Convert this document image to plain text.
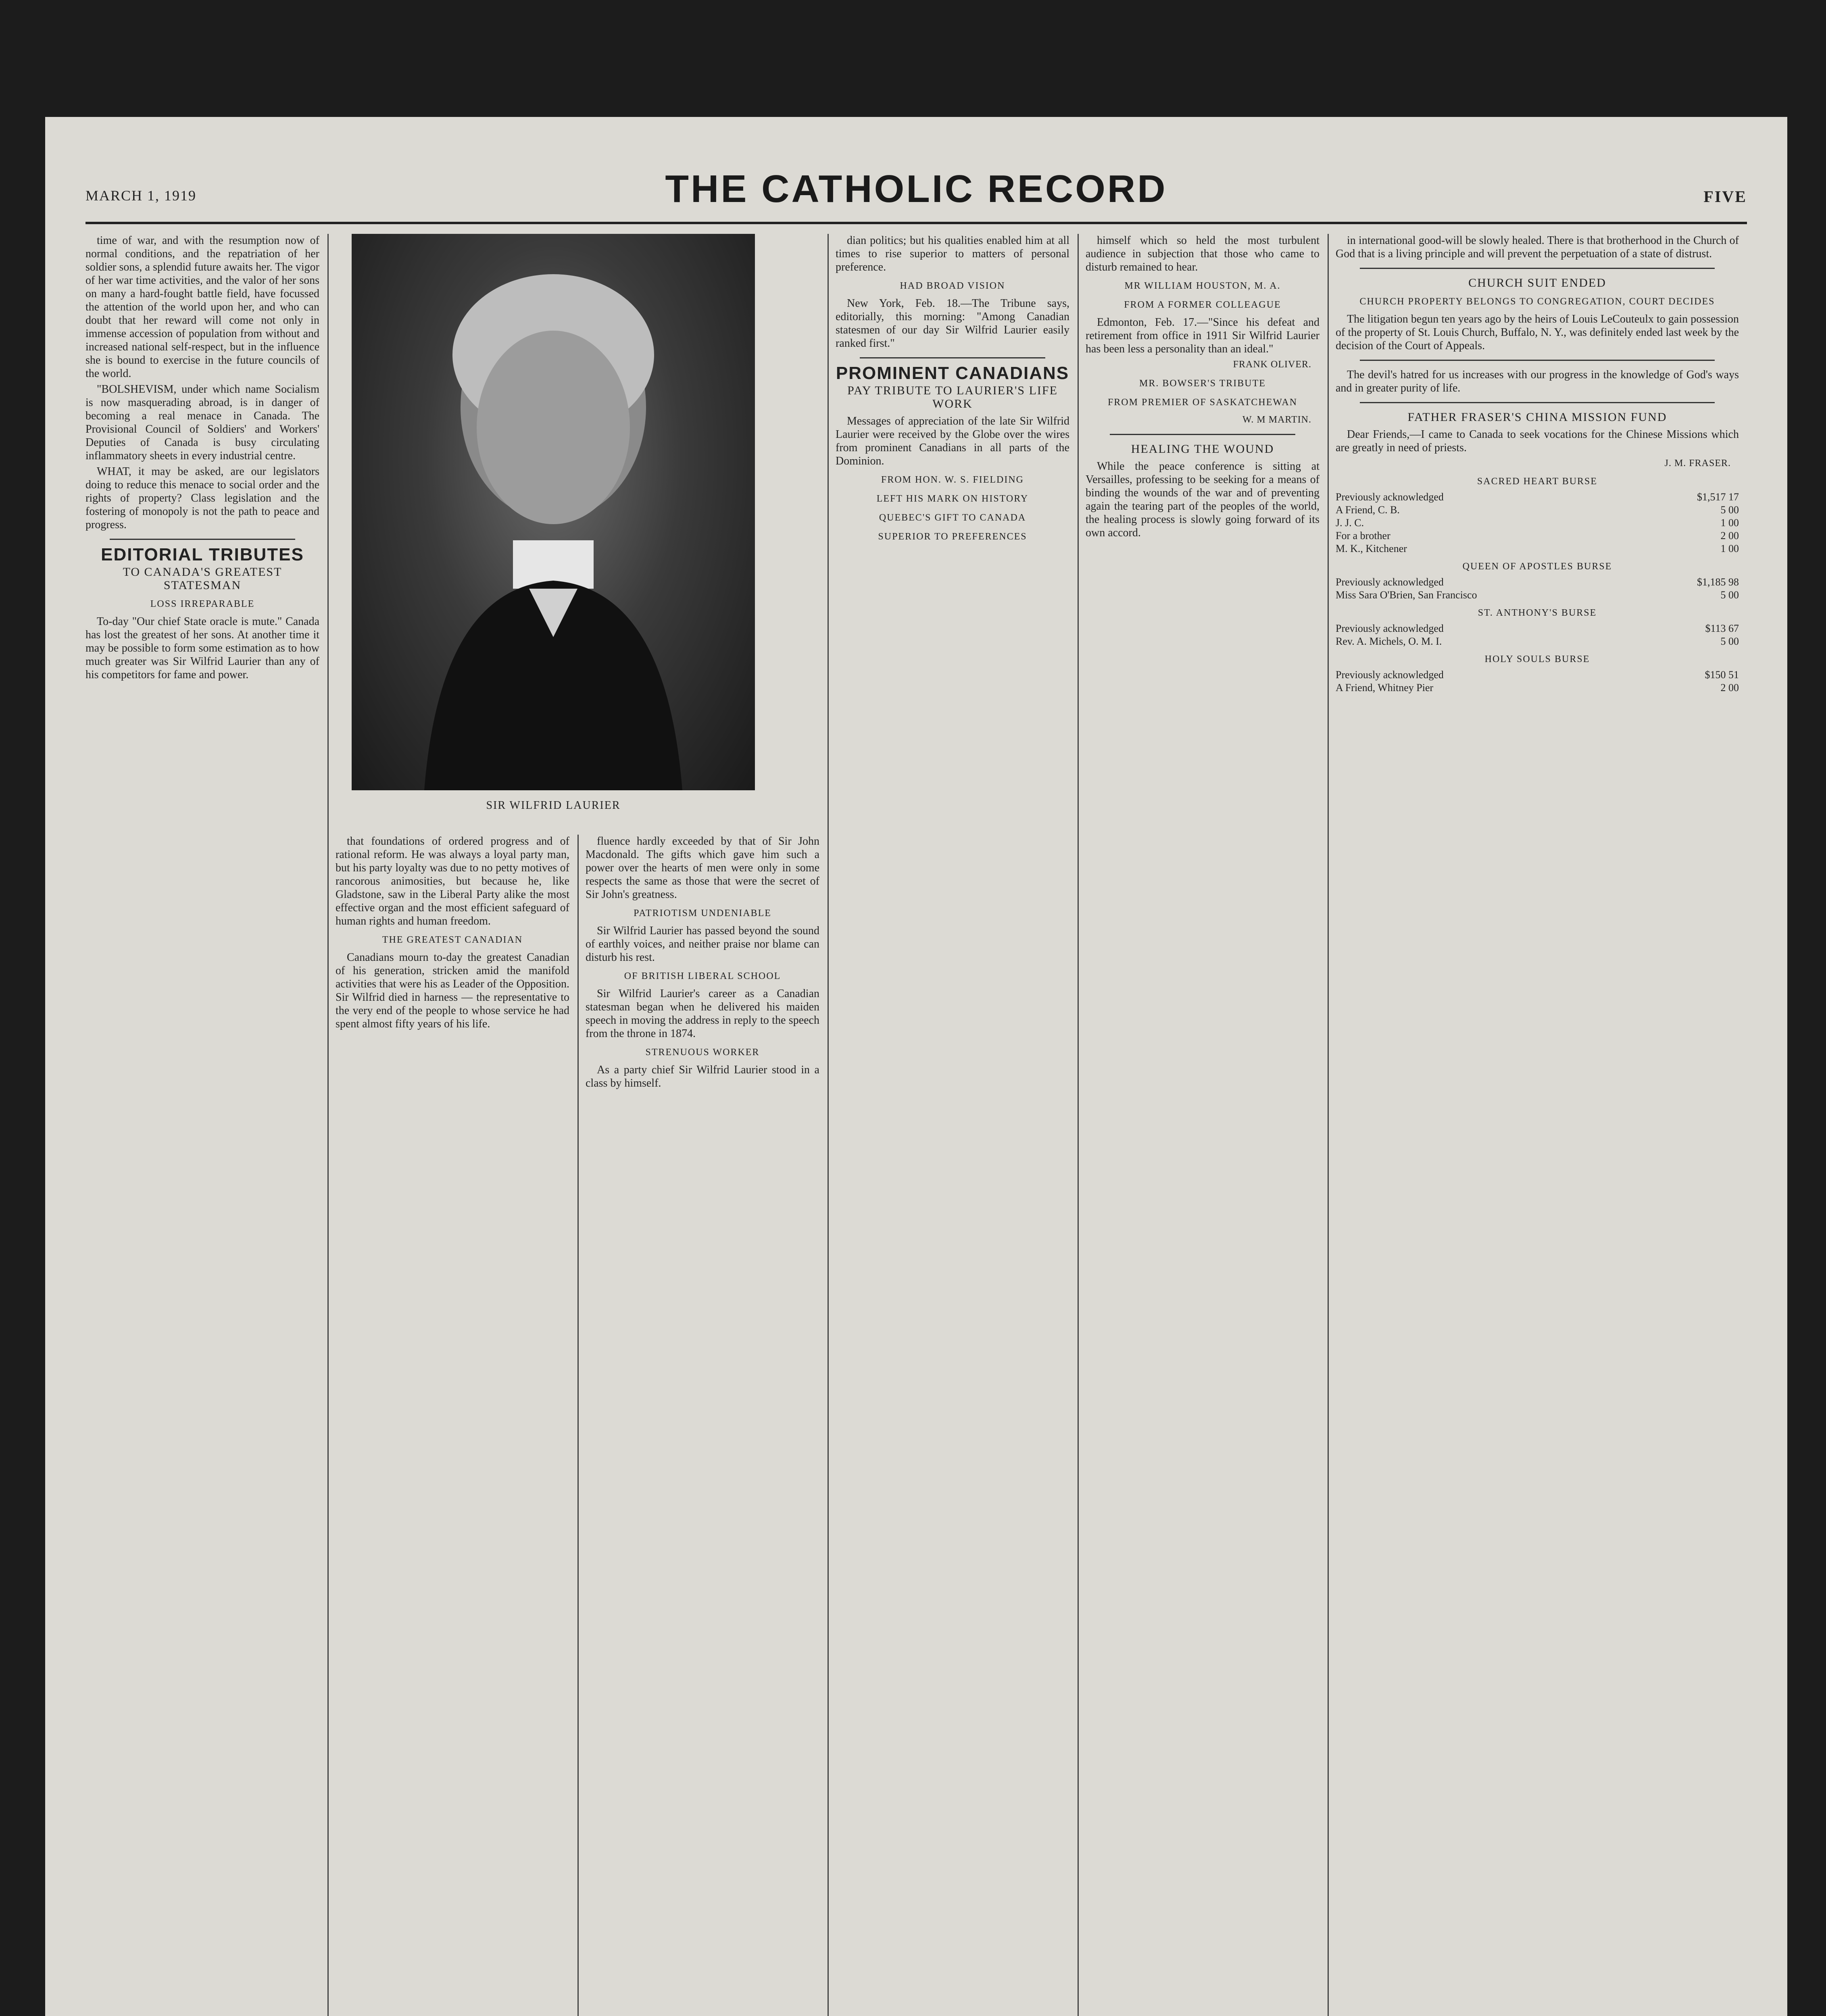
MARCH 1, 1919	THE CATHOLIC RECORD	FIVE

time of war, and with the resumption now of normal conditions, and the repatriation of her soldier sons, a splendid future awaits her. The vigor of her war time activities, and the valor of her sons on many a hard-fought battle field, have focussed the attention of the world upon her, and who can doubt that her reward will come not only in immense accession of population from without and increased national self-respect, but in the influence she is bound to exercise in the future councils of the world.

"BOLSHEVISM, under which name Socialism is now masquerading abroad, is in danger of becoming a real menace in Canada. The Provisional Council of Soldiers' and Workers' Deputies of Canada is busy circulating inflammatory sheets in every industrial centre.

WHAT, it may be asked, are our legislators doing to reduce this menace to social order and the rights of property? Class legislation and the fostering of monopoly is not the path to peace and progress.

EDITORIAL TRIBUTES
TO CANADA'S GREATEST STATESMAN
LOSS IRREPARABLE

To-day "Our chief State oracle is mute." Canada has lost the greatest of her sons. At another time it may be possible to form some estimation as to how much greater was Sir Wilfrid Laurier than any of his competitors for fame and power.

SIR WILFRID LAURIER

that foundations of ordered progress and of rational reform. He was always a loyal party man, but his party loyalty was due to no petty motives of rancorous animosities, but because he, like Gladstone, saw in the Liberal Party alike the most effective organ and the most efficient safeguard of human rights and human freedom.

THE GREATEST CANADIAN

Canadians mourn to-day the greatest Canadian of his generation, stricken amid the manifold activities that were his as Leader of the Opposition. Sir Wilfrid died in harness — the representative to the very end of the people to whose service he had spent almost fifty years of his life.

fluence hardly exceeded by that of Sir John Macdonald. The gifts which gave him such a power over the hearts of men were only in some respects the same as those that were the secret of Sir John's greatness.

PATRIOTISM UNDENIABLE

Sir Wilfrid Laurier has passed beyond the sound of earthly voices, and neither praise nor blame can disturb his rest.

OF BRITISH LIBERAL SCHOOL

Sir Wilfrid Laurier's career as a Canadian statesman began when he delivered his maiden speech in moving the address in reply to the speech from the throne in 1874.

STRENUOUS WORKER

As a party chief Sir Wilfrid Laurier stood in a class by himself.

dian politics; but his qualities enabled him at all times to rise superior to matters of personal preference.

HAD BROAD VISION

New York, Feb. 18.—The Tribune says, editorially, this morning: "Among Canadian statesmen of our day Sir Wilfrid Laurier easily ranked first."

PROMINENT CANADIANS
PAY TRIBUTE TO LAURIER'S LIFE WORK

Messages of appreciation of the late Sir Wilfrid Laurier were received by the Globe over the wires from prominent Canadians in all parts of the Dominion.

FROM HON. W. S. FIELDING
LEFT HIS MARK ON HISTORY
QUEBEC'S GIFT TO CANADA
SUPERIOR TO PREFERENCES

himself which so held the most turbulent audience in subjection that those who came to disturb remained to hear.

MR WILLIAM HOUSTON, M. A.
FROM A FORMER COLLEAGUE

Edmonton, Feb. 17.—"Since his defeat and retirement from office in 1911 Sir Wilfrid Laurier has been less a personality than an ideal."

FRANK OLIVER.
MR. BOWSER'S TRIBUTE
FROM PREMIER OF SASKATCHEWAN
W. M MARTIN.
HEALING THE WOUND

While the peace conference is sitting at Versailles, professing to be seeking for a means of binding the wounds of the war and of preventing again the tearing part of the peoples of the world, the healing process is slowly going forward of its own accord.

in international good-will be slowly healed. There is that brotherhood in the Church of God that is a living principle and will prevent the perpetuation of a state of distrust.

CHURCH SUIT ENDED
CHURCH PROPERTY BELONGS TO CONGREGATION, COURT DECIDES

The litigation begun ten years ago by the heirs of Louis LeCouteulx to gain possession of the property of St. Louis Church, Buffalo, N. Y., was definitely ended last week by the decision of the Court of Appeals.

The devil's hatred for us increases with our progress in the knowledge of God's ways and in greater purity of life.

FATHER FRASER'S CHINA MISSION FUND

Dear Friends,—I came to Canada to seek vocations for the Chinese Missions which are greatly in need of priests.

J. M. FRASER.
SACRED HEART BURSE
Previously acknowledged	$1,517 17
A Friend, C. B.	5 00
J. J. C.	1 00
For a brother	2 00
M. K., Kitchener	1 00
QUEEN OF APOSTLES BURSE
Previously acknowledged	$1,185 98
Miss Sara O'Brien, San Francisco	5 00
ST. ANTHONY'S BURSE
Previously acknowledged	$113 67
Rev. A. Michels, O. M. I.	5 00
HOLY SOULS BURSE
Previously acknowledged	$150 51
A Friend, Whitney Pier	2 00
